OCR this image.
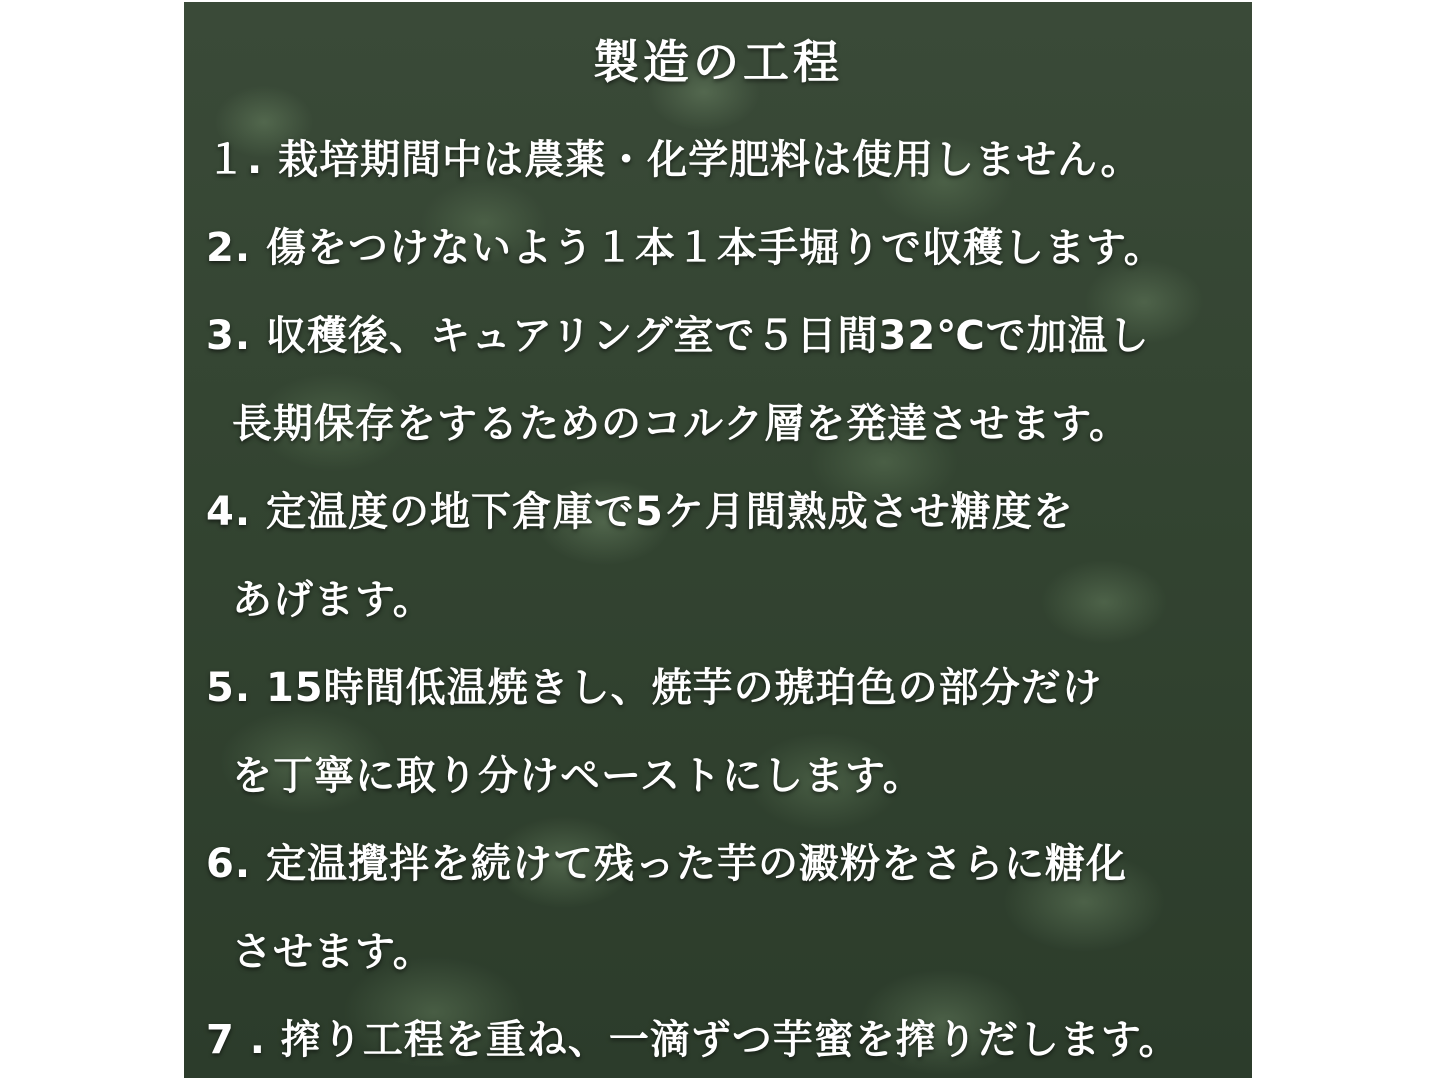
製造の工程
１. 栽培期間中は農薬・化学肥料は使用しません。
2. 傷をつけないよう１本１本手堀りで収穫します。
3. 収穫後、キュアリング室で５日間32℃で加温し
長期保存をするためのコルク層を発達させます。
4. 定温度の地下倉庫で5ケ月間熟成させ糖度を
あげます。
5. 15時間低温焼きし、焼芋の琥珀色の部分だけ
を丁寧に取り分けペーストにします。
6. 定温攪拌を続けて残った芋の澱粉をさらに糖化
させます。
7 . 搾り工程を重ね、一滴ずつ芋蜜を搾りだします。
